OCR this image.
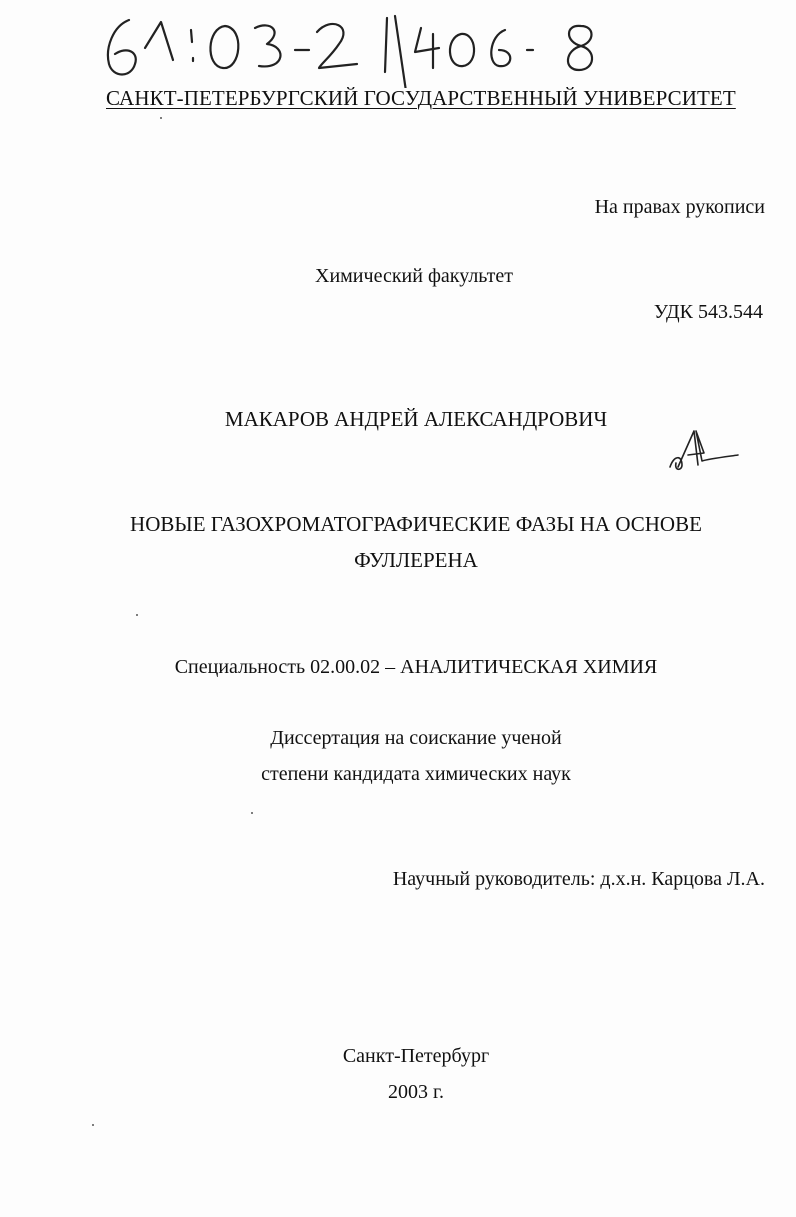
САНКТ-ПЕТЕРБУРГСКИЙ ГОСУДАРСТВЕННЫЙ УНИВЕРСИТЕТ
На правах рукописи
Химический факультет
УДК 543.544
МАКАРОВ АНДРЕЙ АЛЕКСАНДРОВИЧ
НОВЫЕ ГАЗОХРОМАТОГРАФИЧЕСКИЕ ФАЗЫ НА ОСНОВЕ
ФУЛЛЕРЕНА
Специальность 02.00.02 – АНАЛИТИЧЕСКАЯ ХИМИЯ
Диссертация на соискание ученой
степени кандидата химических наук
Научный руководитель: д.х.н. Карцова Л.А.
Санкт-Петербург
2003 г.
